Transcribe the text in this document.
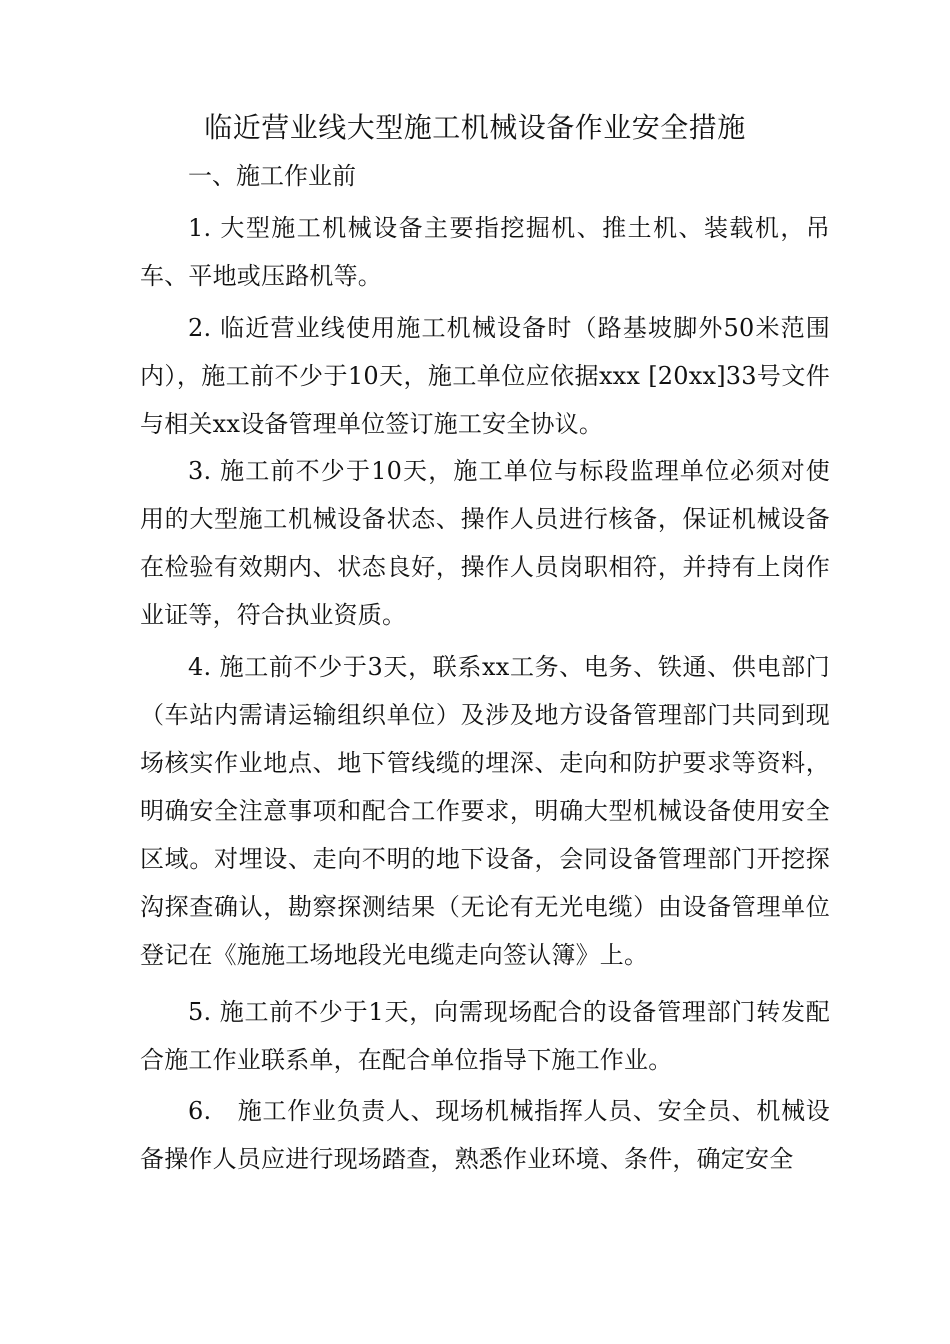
临近营业线大型施工机械设备作业安全措施
一、施工作业前

1. 大型施工机械设备主要指挖掘机、推土机、装载机，吊车、平地或压路机等。

2. 临近营业线使用施工机械设备时（路基坡脚外50米范围内），施工前不少于10天，施工单位应依据xxx [20xx]33号文件与相关xx设备管理单位签订施工安全协议。

3. 施工前不少于10天，施工单位与标段监理单位必须对使用的大型施工机械设备状态、操作人员进行核备，保证机械设备在检验有效期内、状态良好，操作人员岗职相符，并持有上岗作业证等，符合执业资质。

4. 施工前不少于3天，联系xx工务、电务、铁通、供电部门（车站内需请运输组织单位）及涉及地方设备管理部门共同到现场核实作业地点、地下管线缆的埋深、走向和防护要求等资料，明确安全注意事项和配合工作要求，明确大型机械设备使用安全区域。对埋设、走向不明的地下设备，会同设备管理部门开挖探沟探查确认，勘察探测结果（无论有无光电缆）由设备管理单位登记在《施施工场地段光电缆走向签认簿》上。

5. 施工前不少于1天，向需现场配合的设备管理部门转发配合施工作业联系单，在配合单位指导下施工作业。

6. 施工作业负责人、现场机械指挥人员、安全员、机械设备操作人员应进行现场踏查，熟悉作业环境、条件，确定安全
